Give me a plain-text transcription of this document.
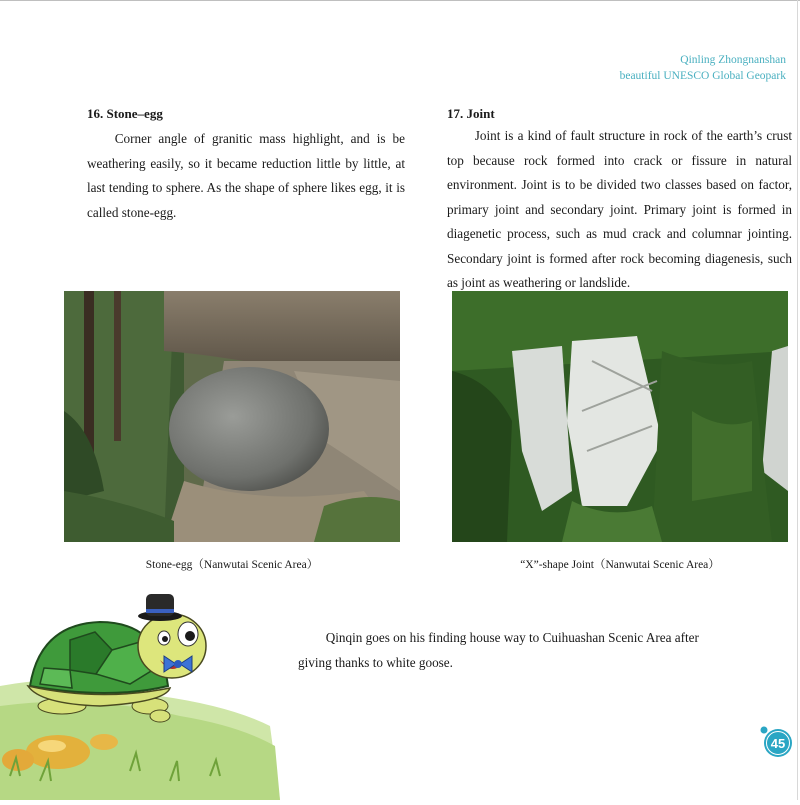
Qinling Zhongnanshan
beautiful UNESCO Global Geopark
16. Stone–egg
Corner angle of granitic mass highlight, and is be weathering easily, so it became reduction little by little, at last tending to sphere. As the shape of sphere likes egg, it is called stone-egg.
17. Joint
Joint is a kind of fault structure in rock of the earth’s crust top because rock formed into crack or fissure in natural environment. Joint is to be divided two classes based on factor, primary joint and secondary joint. Primary joint is formed in diagenetic process, such as mud crack and columnar jointing. Secondary joint is formed after rock becoming diagenesis, such as joint as weathering or landslide.
Stone-egg（Nanwutai Scenic Area）	“X”-shape Joint（Nanwutai Scenic Area）
Qinqin goes on his finding house way to Cuihuashan Scenic Area after giving thanks to white goose.
45
